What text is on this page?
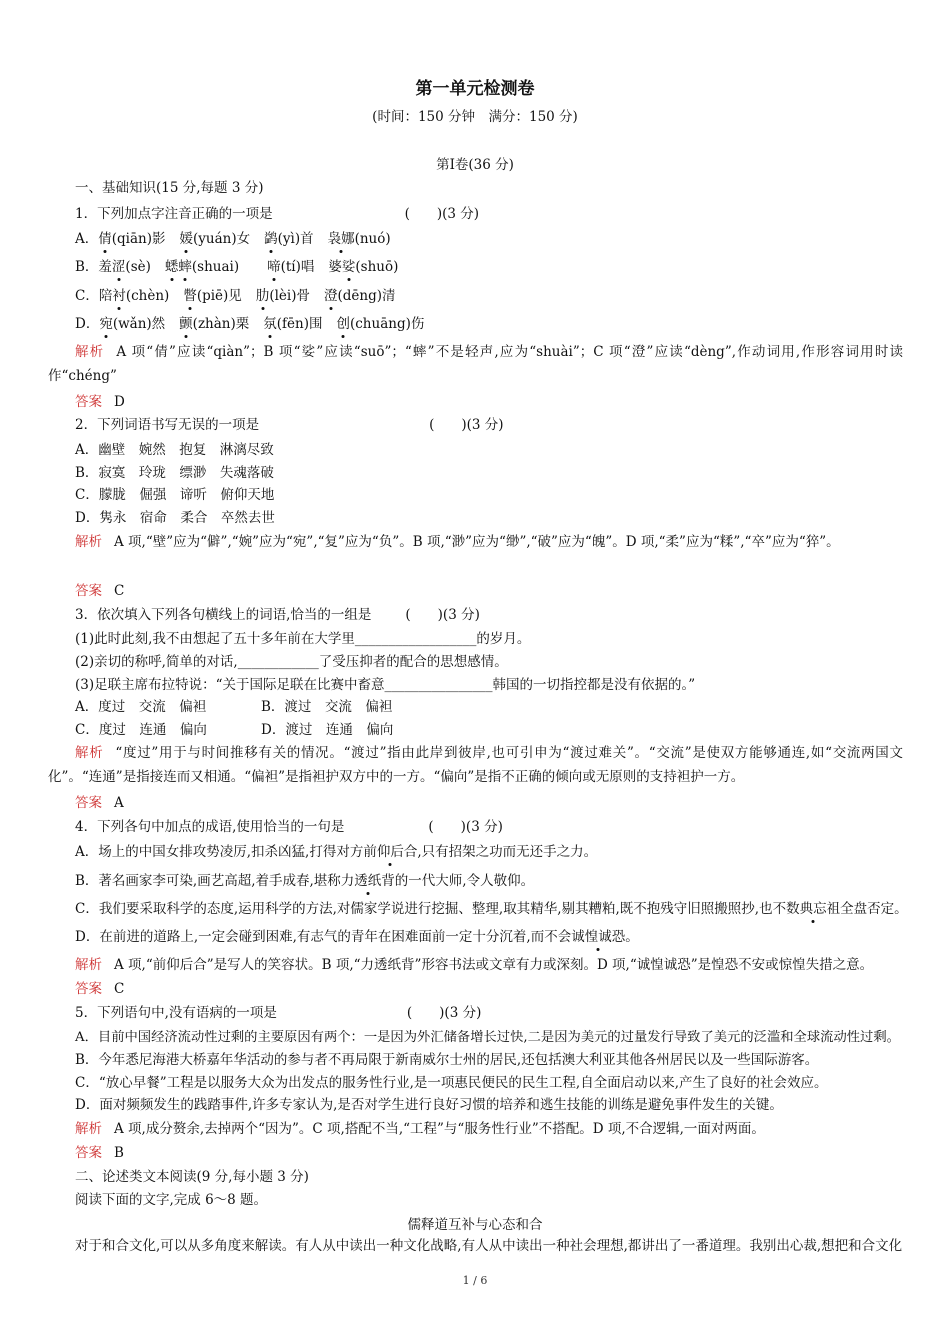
第一单元检测卷
(时间：150 分钟　满分：150 分)
第Ⅰ卷(36 分)
一、基础知识(15 分,每题 3 分)
1．下列加点字注音正确的一项是	(　　)(3 分)
A．倩(qiān)影 媛(yuán)女 鹢(yì)首 袅娜(nuó)
B．羞涩(sè) 蟋蟀(shuai) 啼(tí)唱 婆娑(shuō)
C．陪衬(chèn) 瞥(piē)见 肋(lèi)骨 澄(dēng)清
D．宛(wǎn)然 颤(zhàn)栗 氛(fēn)围 创(chuāng)伤
解析 A 项“倩”应读“qiàn”；B 项“娑”应读“suō”；“蟀”不是轻声,应为“shuài”；C 项“澄”应读“dèng”,作动词用,作形容词用时读作“chéng”
答案 D
2．下列词语书写无误的一项是	(　　)(3 分)
A．幽壁　婉然　抱复　淋漓尽致
B．寂寞　玲珑　缥渺　失魂落破
C．朦胧　倔强　谛听　俯仰天地
D．隽永　宿命　柔合　卒然去世
解析 A 项,“壁”应为“僻”,“婉”应为“宛”,“复”应为“负”。B 项,“渺”应为“缈”,“破”应为“魄”。D 项,“柔”应为“糅”,“卒”应为“猝”。
答案 C
3．依次填入下列各句横线上的词语,恰当的一组是	(　　)(3 分)
(1)此时此刻,我不由想起了五十多年前在大学里__________________的岁月。
(2)亲切的称呼,简单的对话,____________了受压抑者的配合的思想感情。
(3)足联主席布拉特说：“关于国际足联在比赛中畜意________________韩国的一切指控都是没有依据的。”
A．度过　交流　偏袒	B．渡过　交流　偏袒
C．度过　连通　偏向	D．渡过　连通　偏向
解析 “度过”用于与时间推移有关的情况。“渡过”指由此岸到彼岸,也可引申为“渡过难关”。“交流”是使双方能够通连,如“交流两国文化”。“连通”是指接连而又相通。“偏袒”是指袒护双方中的一方。“偏向”是指不正确的倾向或无原则的支持袒护一方。
答案 A
4．下列各句中加点的成语,使用恰当的一句是	(　　)(3 分)
A．场上的中国女排攻势凌厉,扣杀凶猛,打得对方前仰后合,只有招架之功而无还手之力。
B．著名画家李可染,画艺高超,着手成春,堪称力透纸背的一代大师,令人敬仰。
C．我们要采取科学的态度,运用科学的方法,对儒家学说进行挖掘、整理,取其精华,剔其糟粕,既不抱残守旧照搬照抄,也不数典忘祖全盘否定。
D．在前进的道路上,一定会碰到困难,有志气的青年在困难面前一定十分沉着,而不会诚惶诚恐。
解析 A 项,“前仰后合”是写人的笑容状。B 项,“力透纸背”形容书法或文章有力或深刻。D 项,“诚惶诚恐”是惶恐不安或惊惶失措之意。
答案 C
5．下列语句中,没有语病的一项是	(　　)(3 分)
A．目前中国经济流动性过剩的主要原因有两个：一是因为外汇储备增长过快,二是因为美元的过量发行导致了美元的泛滥和全球流动性过剩。
B．今年悉尼海港大桥嘉年华活动的参与者不再局限于新南威尔士州的居民,还包括澳大利亚其他各州居民以及一些国际游客。
C．“放心早餐”工程是以服务大众为出发点的服务性行业,是一项惠民便民的民生工程,自全面启动以来,产生了良好的社会效应。
D．面对频频发生的践踏事件,许多专家认为,是否对学生进行良好习惯的培养和逃生技能的训练是避免事件发生的关键。
解析 A 项,成分赘余,去掉两个“因为”。C 项,搭配不当,“工程”与“服务性行业”不搭配。D 项,不合逻辑,一面对两面。
答案 B
二、论述类文本阅读(9 分,每小题 3 分)
阅读下面的文字,完成 6～8 题。
儒释道互补与心态和合
对于和合文化,可以从多角度来解读。有人从中读出一种文化战略,有人从中读出一种社会理想,都讲出了一番道理。我别出心裁,想把和合文化
1 / 6
